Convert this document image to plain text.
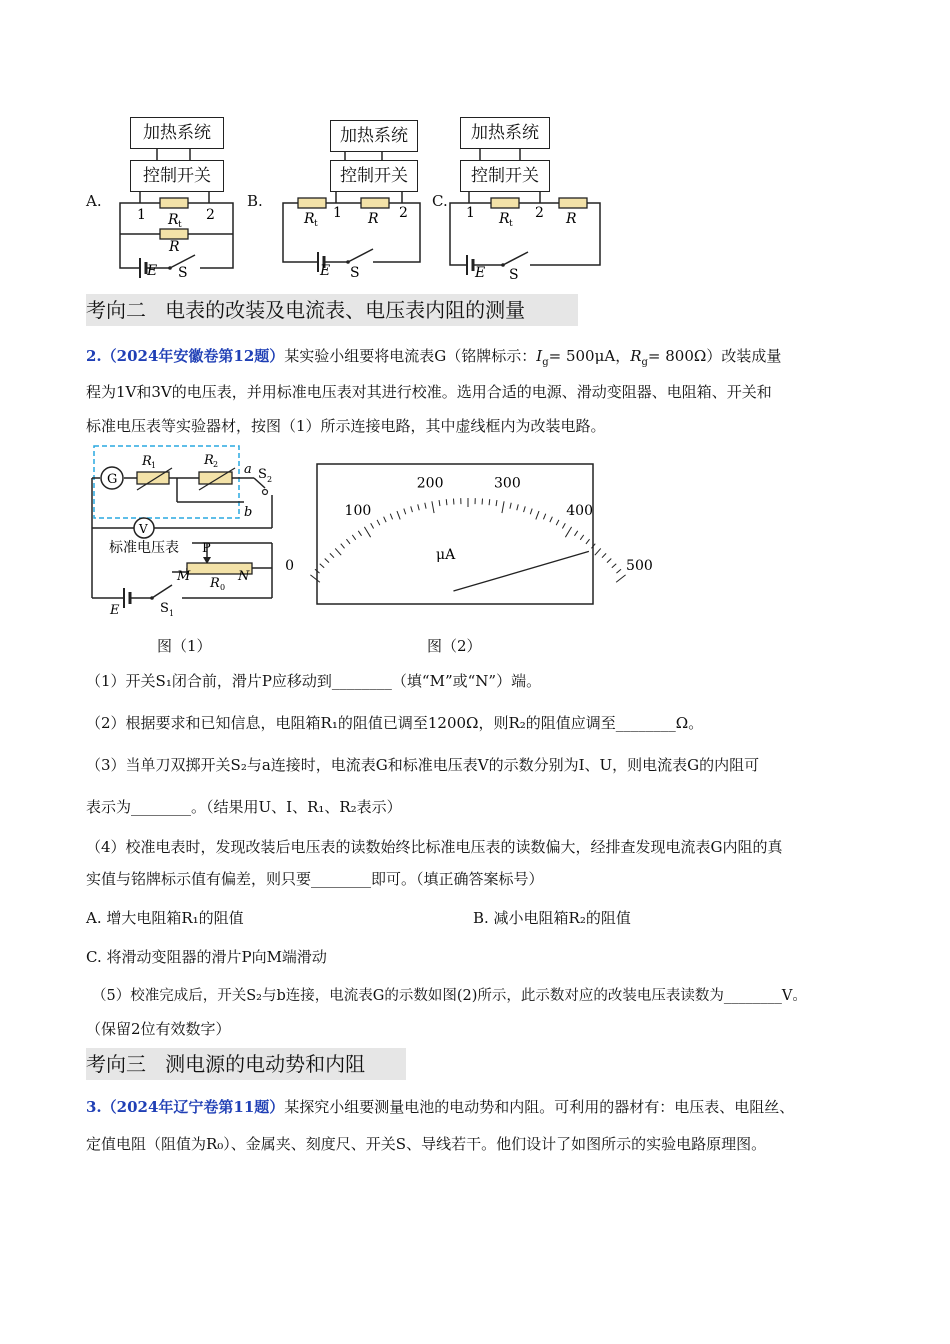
A.
加热系统
控制开关
1	2
R t
R
E S
B.
加热系统
控制开关
1	2
R t	R
E S
C.
加热系统
控制开关
1	2
R t	R
E S
考向二 电表的改装及电流表、电压表内阻的测量
2.（2024年安徽卷第12题）某实验小组要将电流表G（铭牌标示：$I_g= 500\mu A$，$R_g= 800\Omega$）改装成量
程为1V和3V的电压表，并用标准电压表对其进行校准。选用合适的电源、滑动变阻器、电阻箱、开关和
标准电压表等实验器材，按图（1）所示连接电路，其中虚线框内为改装电路。
G
R 1	R 2 a
b
S 2
V
标准电压表 P
M	N
R 0
E	S 1
图（1）
0
100
200	300
400
500
μA
图（2）
（1）开关S₁闭合前，滑片P应移动到________（填“M”或“N”）端。
（2）根据要求和已知信息，电阻箱R₁的阻值已调至1200Ω，则R₂的阻值应调至________Ω。
（3）当单刀双掷开关S₂与a连接时，电流表G和标准电压表V的示数分别为I、U，则电流表G的内阻可
表示为________。（结果用U、I、R₁、R₂表示）
（4）校准电表时，发现改装后电压表的读数始终比标准电压表的读数偏大，经排查发现电流表G内阻的真
实值与铭牌标示值有偏差，则只要________即可。（填正确答案标号）
A. 增大电阻箱R₁的阻值	B. 减小电阻箱R₂的阻值
C. 将滑动变阻器的滑片P向M端滑动
（5）校准完成后，开关S₂与b连接，电流表G的示数如图(2)所示，此示数对应的改装电压表读数为________V。
（保留2位有效数字）
考向三 测电源的电动势和内阻
3.（2024年辽宁卷第11题）某探究小组要测量电池的电动势和内阻。可利用的器材有：电压表、电阻丝、
定值电阻（阻值为R₀）、金属夹、刻度尺、开关S、导线若干。他们设计了如图所示的实验电路原理图。
